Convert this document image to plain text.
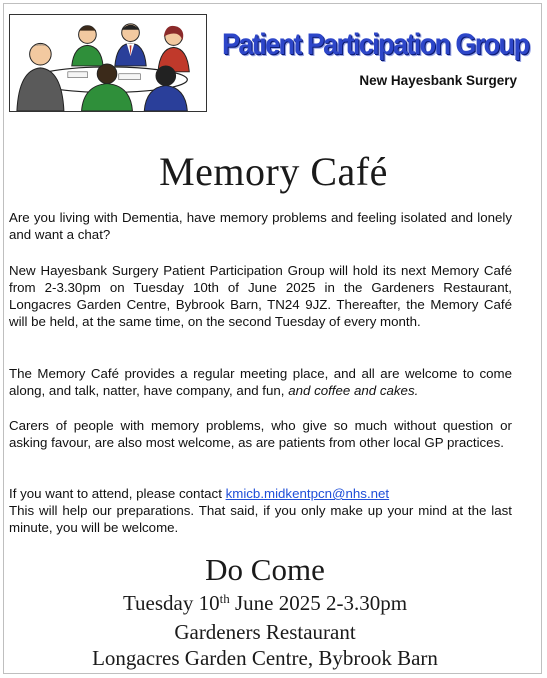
Patient Participation Group
New Hayesbank Surgery
Memory Café

Are you living with Dementia, have memory problems and feeling isolated and lonely and want a chat?

New Hayesbank Surgery Patient Participation Group will hold its next Memory Café from 2-3.30pm on Tuesday 10th of June 2025 in the Gardeners Restaurant, Longacres Garden Centre, Bybrook Barn, TN24 9JZ. Thereafter, the Memory Café will be held, at the same time, on the second Tuesday of every month.

The Memory Café provides a regular meeting place, and all are welcome to come along, and talk, natter, have company, and fun, and coffee and cakes.

Carers of people with memory problems, who give so much without question or asking favour, are also most welcome, as are patients from other local GP practices.

If you want to attend, please contact kmicb.midkentpcn@nhs.net
This will help our preparations. That said, if you only make up your mind at the last minute, you will be welcome.

Do Come
Tuesday 10th June 2025 2-3.30pm
Gardeners Restaurant
Longacres Garden Centre, Bybrook Barn
